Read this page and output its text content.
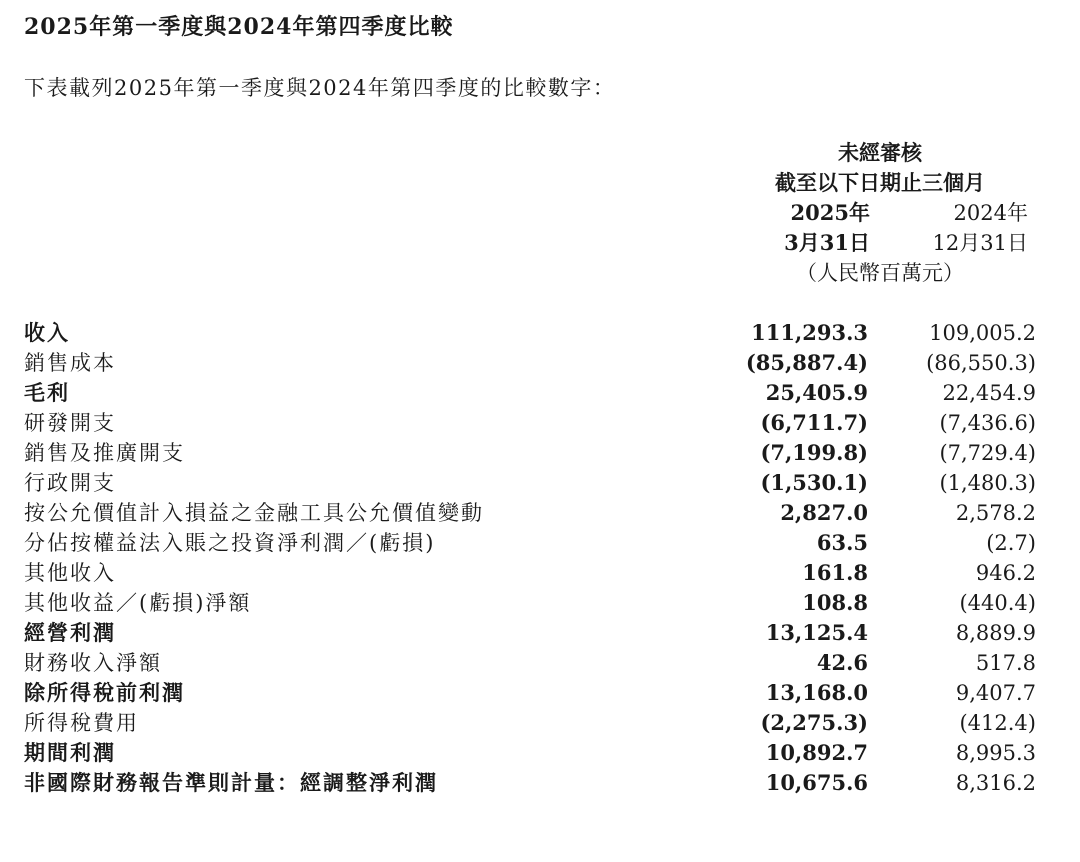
2025年第一季度與2024年第四季度比較
下表載列2025年第一季度與2024年第四季度的比較數字：
未經審核
截至以下日期止三個月
2025年	2024年
3月31日	12月31日
（人民幣百萬元）
收入	111,293.3	109,005.2
銷售成本	(85,887.4)	(86,550.3)
毛利	25,405.9	22,454.9
研發開支	(6,711.7)	(7,436.6)
銷售及推廣開支	(7,199.8)	(7,729.4)
行政開支	(1,530.1)	(1,480.3)
按公允價值計入損益之金融工具公允價值變動	2,827.0	2,578.2
分佔按權益法入賬之投資淨利潤／(虧損)	63.5	(2.7)
其他收入	161.8	946.2
其他收益／(虧損)淨額	108.8	(440.4)
經營利潤	13,125.4	8,889.9
財務收入淨額	42.6	517.8
除所得稅前利潤	13,168.0	9,407.7
所得稅費用	(2,275.3)	(412.4)
期間利潤	10,892.7	8,995.3
非國際財務報告準則計量：經調整淨利潤	10,675.6	8,316.2
